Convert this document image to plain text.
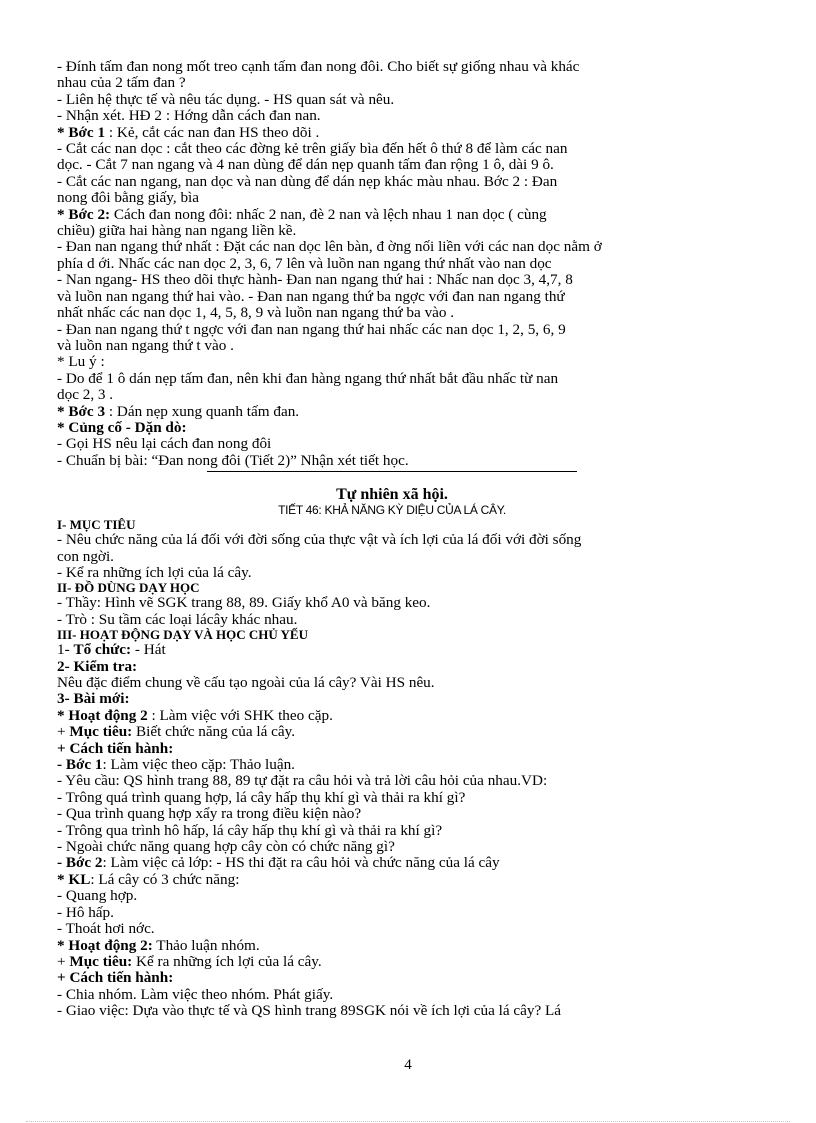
- Đính tấm đan nong mốt treo cạnh tấm đan nong đôi. Cho biết sự giống nhau và khác

nhau của 2 tấm đan ?

- Liên hệ thực tế và nêu tác dụng. - HS quan sát và nêu.

- Nhận xét. HĐ 2 : Hớng dẫn cách đan nan.

* Bớc 1 : Kẻ, cắt các nan đan HS theo dõi .

- Cắt các nan dọc : cắt theo các đờng kẻ trên giấy bìa đến hết ô thứ 8 để làm các nan

dọc. - Cắt 7 nan ngang và 4 nan dùng để dán nẹp quanh tấm đan rộng 1 ô, dài 9 ô.

- Cắt các nan ngang, nan dọc và nan dùng để dán nẹp khác màu nhau. Bớc 2 : Đan

nong đôi bằng giấy, bìa

* Bớc 2: Cách đan nong đôi: nhấc 2 nan, đè 2 nan và lệch nhau 1 nan dọc ( cùng

chiều) giữa hai hàng nan ngang liền kề.

- Đan nan ngang thứ nhất : Đặt các nan dọc lên bàn, đ ờng nối liền với các nan dọc nằm ở

phía d ới. Nhấc các nan dọc 2, 3, 6, 7 lên và luồn nan ngang thứ nhất vào nan dọc

- Nan ngang- HS theo dõi thực hành- Đan nan ngang thứ hai : Nhấc nan dọc 3, 4,7, 8

và luồn nan ngang thứ hai vào. - Đan nan ngang thứ ba ngợc với đan nan ngang thứ

nhất nhấc các nan dọc 1, 4, 5, 8, 9 và luồn nan ngang thứ ba vào .

- Đan nan ngang thứ t ngợc với đan nan ngang thứ hai nhấc các nan dọc 1, 2, 5, 6, 9

và luồn nan ngang thứ t vào .

* Lu ý :

- Do để 1 ô dán nẹp tấm đan, nên khi đan hàng ngang thứ nhất bắt đầu nhấc từ nan

dọc 2, 3 .

* Bớc 3 : Dán nẹp xung quanh tấm đan.

* Củng cố - Dặn dò:

- Gọi HS nêu lại cách đan nong đôi

- Chuẩn bị bài: “Đan nong đôi (Tiết 2)” Nhận xét tiết học.

Tự nhiên xã hội.

TIẾT 46: KHẢ NĂNG KỲ DIỆU CỦA LÁ CÂY.

I- MỤC TIÊU

- Nêu chức năng của lá đối với đời sống của thực vật và ích lợi của lá đối với đời sống

con ngời.

- Kể ra những ích lợi của lá cây.

II- ĐỒ DÙNG DẠY HỌC

- Thầy: Hình vẽ SGK trang 88, 89. Giấy khổ A0 và băng keo.

- Trò : Su tầm các loại lácây khác nhau.

III- HOẠT ĐỘNG DẠY VÀ HỌC CHỦ YẾU

1- Tổ chức: - Hát

2- Kiểm tra:

Nêu đặc điểm chung về cấu tạo ngoài của lá cây? Vài HS nêu.

3- Bài mới:

* Hoạt động 2 : Làm việc với SHK theo cặp.

+ Mục tiêu: Biết chức năng của lá cây.

+ Cách tiến hành:

- Bớc 1: Làm việc theo cặp: Thảo luận.

- Yêu cầu: QS hình trang 88, 89 tự đặt ra câu hỏi và trả lời câu hỏi của nhau.VD:

- Trông quá trình quang hợp, lá cây hấp thụ khí gì và thải ra khí gì?

- Qua trình quang hợp xẩy ra trong điều kiện nào?

- Trông qua trình hô hấp, lá cây hấp thụ khí gì và thải ra khí gì?

- Ngoài chức năng quang hợp cây còn có chức năng gì?

- Bớc 2: Làm việc cả lớp: - HS thi đặt ra câu hỏi và chức năng của lá cây

* KL: Lá cây có 3 chức năng:

- Quang hợp.

- Hô hấp.

- Thoát hơi nớc.

* Hoạt động 2: Thảo luận nhóm.

+ Mục tiêu: Kể ra những ích lợi của lá cây.

+ Cách tiến hành:

- Chia nhóm. Làm việc theo nhóm. Phát giấy.

- Giao việc: Dựa vào thực tế và QS hình trang 89SGK nói về ích lợi của lá cây? Lá

4
